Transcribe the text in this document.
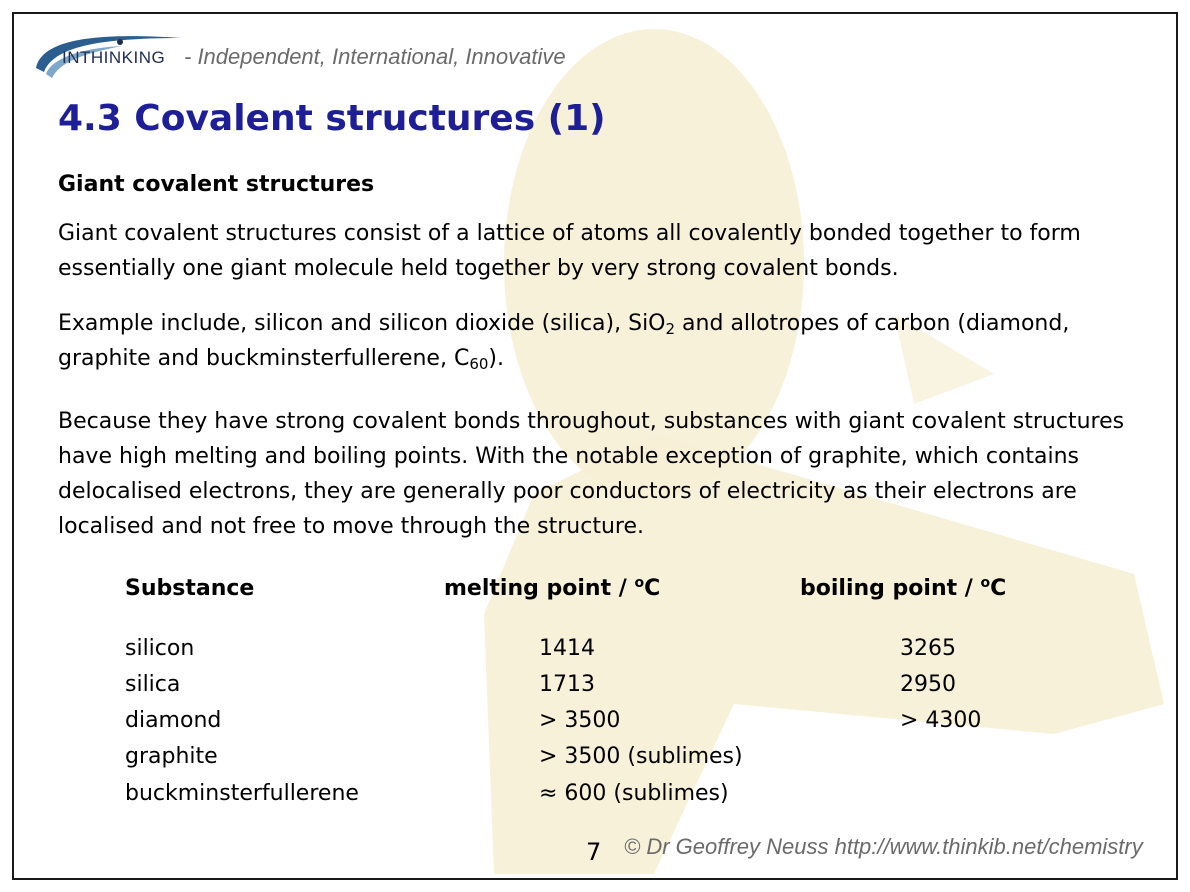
INTHINKING - Independent, International, Innovative
4.3 Covalent structures (1)
Giant covalent structures
Giant covalent structures consist of a lattice of atoms all covalently bonded together to form essentially one giant molecule held together by very strong covalent bonds.
Example include, silicon and silicon dioxide (silica), SiO$_2$ and allotropes of carbon (diamond, graphite and buckminsterfullerene, $C_{60}$).
Because they have strong covalent bonds throughout, substances with giant covalent structures have high melting and boiling points. With the notable exception of graphite, which contains delocalised electrons, they are generally poor conductors of electricity as their electrons are localised and not free to move through the structure.
Substance	melting point / $^o$C	boiling point / $^o$C
silicon	1414	3265
silica	1713	2950
diamond	> 3500	> 4300
graphite	> 3500 (sublimes)
buckminsterfullerene	≈ 600 (sublimes)
7 © Dr Geoffrey Neuss http://www.thinkib.net/chemistry
